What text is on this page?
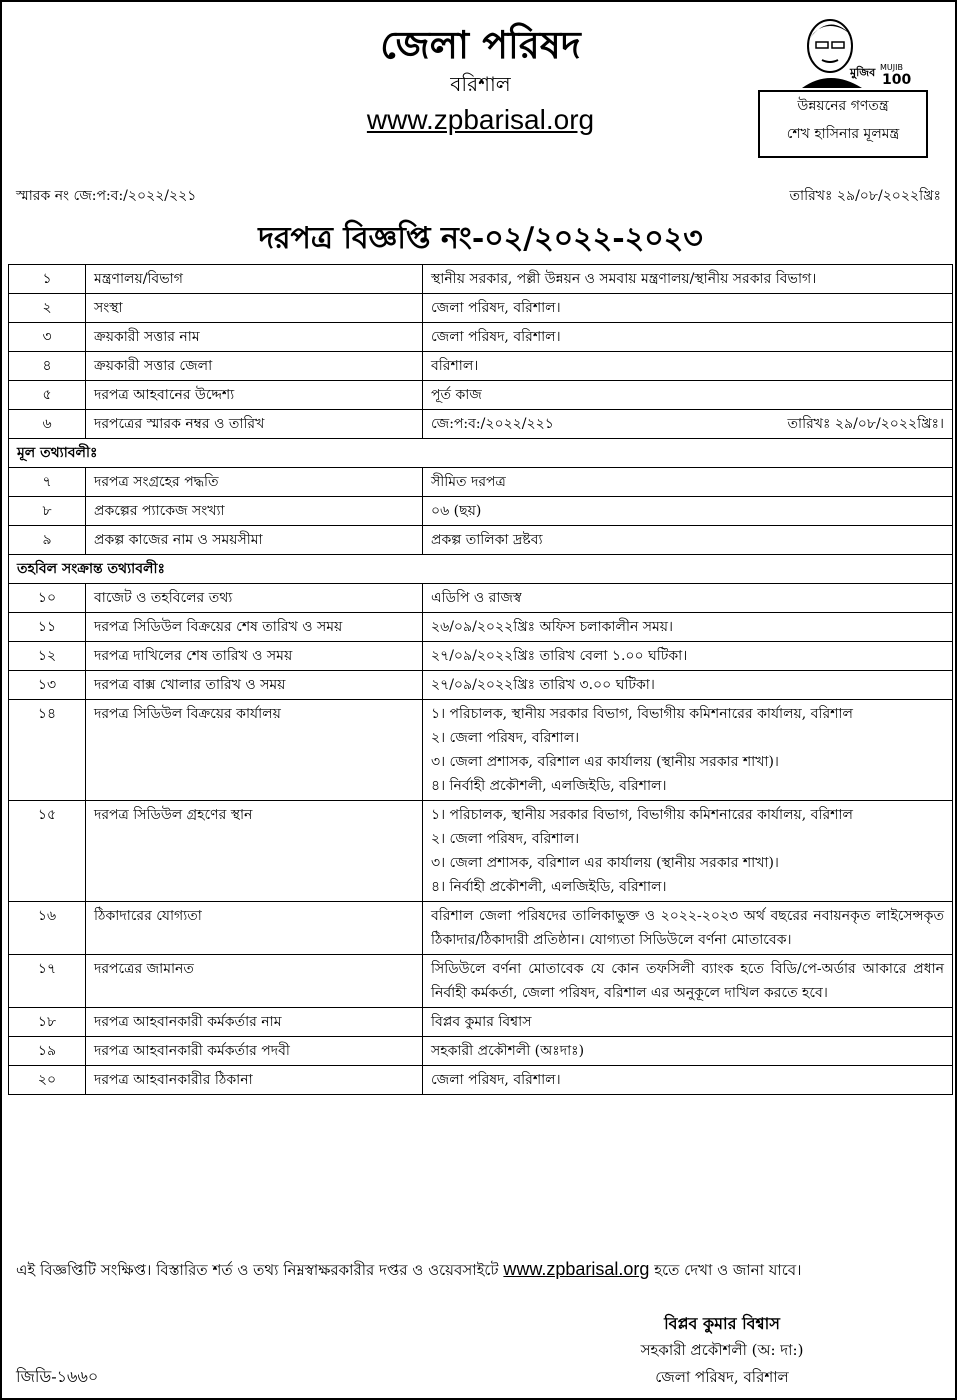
জেলা পরিষদ
বরিশাল
www.zpbarisal.org
মুজিব MUJIB
100
উন্নয়নের গণতন্ত্র
শেখ হাসিনার মূলমন্ত্র
স্মারক নং জে:প:ব:/২০২২/২২১	তারিখঃ ২৯/০৮/২০২২খ্রিঃ
দরপত্র বিজ্ঞপ্তি নং-০২/২০২২-২০২৩
১	মন্ত্রণালয়/বিভাগ	স্থানীয় সরকার, পল্লী উন্নয়ন ও সমবায় মন্ত্রণালয়/স্থানীয় সরকার বিভাগ।
২	সংস্থা	জেলা পরিষদ, বরিশাল।
৩	ক্রয়কারী সত্তার নাম	জেলা পরিষদ, বরিশাল।
৪	ক্রয়কারী সত্তার জেলা	বরিশাল।
৫	দরপত্র আহবানের উদ্দেশ্য	পূর্ত কাজ
৬	দরপত্রের স্মারক নম্বর ও তারিখ	জে:প:ব:/২০২২/২২১ তারিখঃ ২৯/০৮/২০২২খ্রিঃ।

মূল তথ্যাবলীঃ		
৭	দরপত্র সংগ্রহের পদ্ধতি	সীমিত দরপত্র
৮	প্রকল্পের প্যাকেজ সংখ্যা	০৬ (ছয়)
৯	প্রকল্প কাজের নাম ও সময়সীমা	প্রকল্প তালিকা দ্রষ্টব্য
তহবিল সংক্রান্ত তথ্যাবলীঃ		
১০	বাজেট ও তহবিলের তথ্য	এডিপি ও রাজস্ব
১১	দরপত্র সিডিউল বিক্রয়ের শেষ তারিখ ও সময়	২৬/০৯/২০২২খ্রিঃ অফিস চলাকালীন সময়।
১২	দরপত্র দাখিলের শেষ তারিখ ও সময়	২৭/০৯/২০২২খ্রিঃ তারিখ বেলা ১.০০ ঘটিকা।
১৩	দরপত্র বাক্স খোলার তারিখ ও সময়	২৭/০৯/২০২২খ্রিঃ তারিখ ৩.০০ ঘটিকা।
১৪	দরপত্র সিডিউল বিক্রয়ের কার্যালয়	১। পরিচালক, স্থানীয় সরকার বিভাগ, বিভাগীয় কমিশনারের কার্যালয়, বরিশাল
২। জেলা পরিষদ, বরিশাল।
৩। জেলা প্রশাসক, বরিশাল এর কার্যালয় (স্থানীয় সরকার শাখা)।
৪। নির্বাহী প্রকৌশলী, এলজিইডি, বরিশাল।

১৫	দরপত্র সিডিউল গ্রহণের স্থান	১। পরিচালক, স্থানীয় সরকার বিভাগ, বিভাগীয় কমিশনারের কার্যালয়, বরিশাল
২। জেলা পরিষদ, বরিশাল।
৩। জেলা প্রশাসক, বরিশাল এর কার্যালয় (স্থানীয় সরকার শাখা)।
৪। নির্বাহী প্রকৌশলী, এলজিইডি, বরিশাল।

১৬	ঠিকাদারের যোগ্যতা	বরিশাল জেলা পরিষদের তালিকাভুক্ত ও ২০২২-২০২৩ অর্থ বছরের নবায়নকৃত লাইসেন্সকৃত ঠিকাদার/ঠিকাদারী প্রতিষ্ঠান। যোগ্যতা সিডিউলে বর্ণনা মোতাবেক।
১৭	দরপত্রের জামানত	সিডিউলে বর্ণনা মোতাবেক যে কোন তফসিলী ব্যাংক হতে বিডি/পে-অর্ডার আকারে প্রধান নির্বাহী কর্মকর্তা, জেলা পরিষদ, বরিশাল এর অনুকূলে দাখিল করতে হবে।
১৮	দরপত্র আহবানকারী কর্মকর্তার নাম	বিপ্লব কুমার বিশ্বাস
১৯	দরপত্র আহবানকারী কর্মকর্তার পদবী	সহকারী প্রকৌশলী (অঃদাঃ)
২০	দরপত্র আহবানকারীর ঠিকানা	জেলা পরিষদ, বরিশাল।
এই বিজ্ঞপ্তিটি সংক্ষিপ্ত। বিস্তারিত শর্ত ও তথ্য নিম্নস্বাক্ষরকারীর দপ্তর ও ওয়েবসাইটে www.zpbarisal.org হতে দেখা ও জানা যাবে।
বিপ্লব কুমার বিশ্বাস
সহকারী প্রকৌশলী (অ: দা:)
জেলা পরিষদ, বরিশাল
জিডি-১৬৬০
